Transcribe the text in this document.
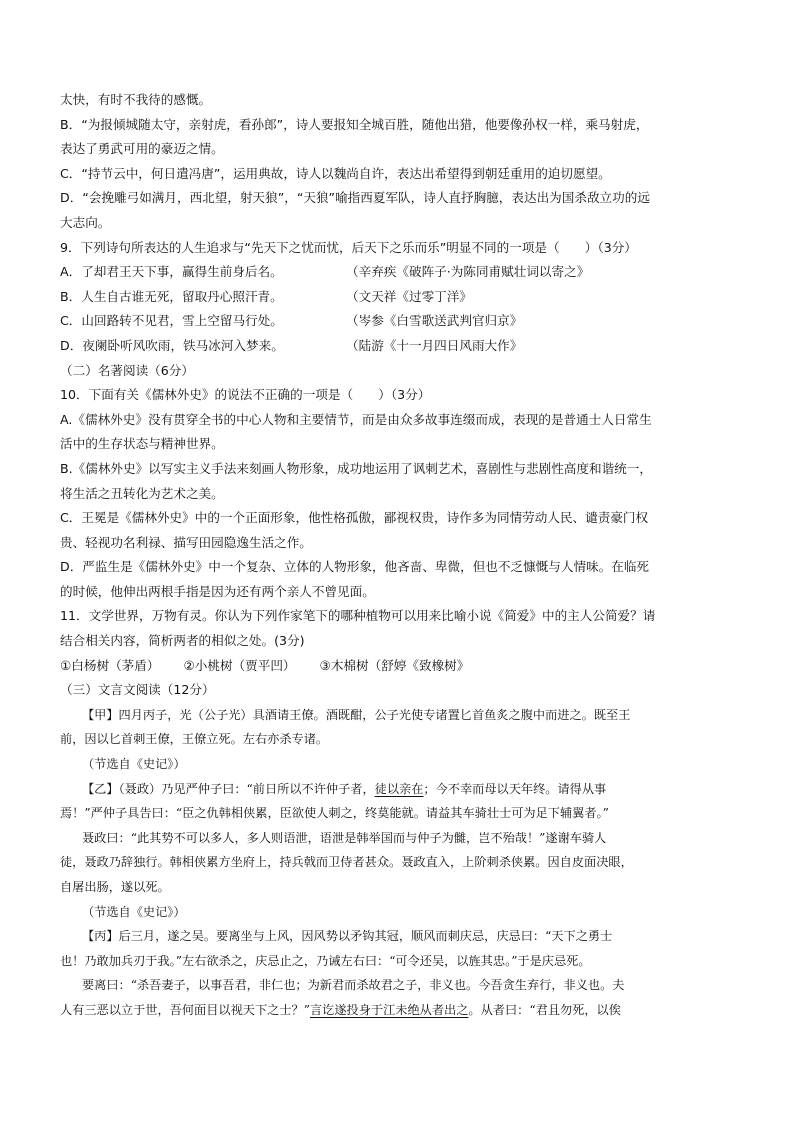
太快，有时不我待的感慨。
B．“为报倾城随太守，亲射虎，看孙郎”，诗人要报知全城百胜，随他出猎，他要像孙权一样，乘马射虎，
表达了勇武可用的豪迈之情。
C．“持节云中，何日遣冯唐”，运用典故，诗人以魏尚自许，表达出希望得到朝廷重用的迫切愿望。
D．“会挽雕弓如满月，西北望，射天狼”，“天狼”喻指西夏军队，诗人直抒胸臆，表达出为国杀敌立功的远
大志向。
9．下列诗句所表达的人生追求与“先天下之忧而忧，后天下之乐而乐”明显不同的一项是（　　）（3分）
A．了却君王天下事，赢得生前身后名。	（辛弃疾《破阵子·为陈同甫赋壮词以寄之》
B．人生自古谁无死，留取丹心照汗青。	（文天祥《过零丁洋》
C．山回路转不见君，雪上空留马行处。	（岑参《白雪歌送武判官归京》
D．夜阑卧听风吹雨，铁马冰河入梦来。	（陆游《十一月四日风雨大作》
（二）名著阅读（6分）
10．下面有关《儒林外史》的说法不正确的一项是（　　）（3分）
A.《儒林外史》没有贯穿全书的中心人物和主要情节，而是由众多故事连缀而成，表现的是普通士人日常生
活中的生存状态与精神世界。
B.《儒林外史》以写实主义手法来刻画人物形象，成功地运用了讽刺艺术，喜剧性与悲剧性高度和谐统一，
将生活之丑转化为艺术之美。
C．王冕是《儒林外史》中的一个正面形象，他性格孤傲，鄙视权贵，诗作多为同情劳动人民、谴责豪门权
贵、轻视功名利禄、描写田园隐逸生活之作。
D．严监生是《儒林外史》中一个复杂、立体的人物形象，他吝啬、卑微，但也不乏慷慨与人情味。在临死
的时候，他伸出两根手指是因为还有两个亲人不曾见面。
11．文学世界，万物有灵。你认为下列作家笔下的哪种植物可以用来比喻小说《简爱》中的主人公简爱？请
结合相关内容，简析两者的相似之处。(3分)
①白杨树（茅盾） ②小桃树（贾平凹） ③木棉树（舒婷《致橡树》
（三）文言文阅读（12分）
【甲】四月丙子，光（公子光）具酒请王僚。酒既酣，公子光使专诸置匕首鱼炙之腹中而进之。既至王
前，因以匕首刺王僚，王僚立死。左右亦杀专诸。
（节选自《史记》）
【乙】（聂政）乃见严仲子曰：“前日所以不许仲子者，徒以亲在；今不幸而母以天年终。请得从事
焉！”严仲子具告曰：“臣之仇韩相侠累，臣欲使人刺之，终莫能就。请益其车骑壮士可为足下辅翼者。”
聂政曰：“此其势不可以多人，多人则语泄，语泄是韩举国而与仲子为雠，岂不殆哉！”遂谢车骑人
徒，聂政乃辞独行。韩相侠累方坐府上，持兵戟而卫侍者甚众。聂政直入，上阶刺杀侠累。因自皮面决眼，
自屠出肠，遂以死。
（节选自《史记》）
【丙】后三月，遂之吴。要离坐与上风，因风势以矛钩其冠，顺风而刺庆忌，庆忌曰：“天下之勇士
也！乃敢加兵刃于我。”左右欲杀之，庆忌止之，乃诫左右曰：“可令还吴，以旌其忠。”于是庆忌死。
要离曰：“杀吾妻子，以事吾君，非仁也；为新君而杀故君之子，非义也。今吾贪生弃行，非义也。夫
人有三恶以立于世，吾何面目以视天下之士？”言讫遂投身于江未绝从者出之。从者曰：“君且勿死，以俟
